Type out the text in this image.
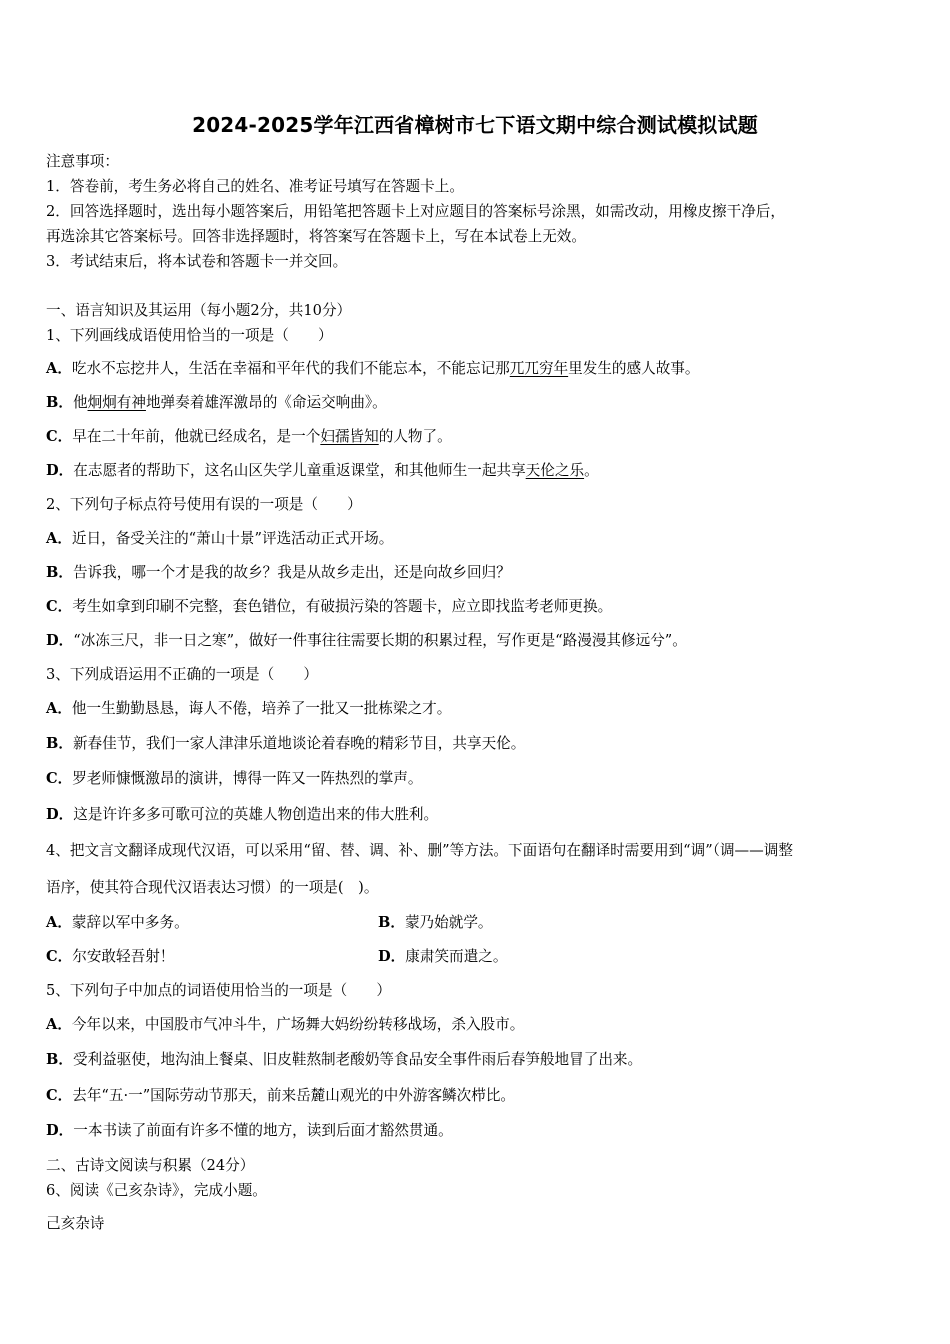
2024-2025学年江西省樟树市七下语文期中综合测试模拟试题
注意事项：
1．答卷前，考生务必将自己的姓名、准考证号填写在答题卡上。
2．回答选择题时，选出每小题答案后，用铅笔把答题卡上对应题目的答案标号涂黑，如需改动，用橡皮擦干净后，
再选涂其它答案标号。回答非选择题时，将答案写在答题卡上，写在本试卷上无效。
3．考试结束后，将本试卷和答题卡一并交回。
一、语言知识及其运用（每小题2分，共10分）
1、下列画线成语使用恰当的一项是（　　）
A．吃水不忘挖井人，生活在幸福和平年代的我们不能忘本，不能忘记那兀兀穷年里发生的感人故事。
B．他炯炯有神地弹奏着雄浑激昂的《命运交响曲》。
C．早在二十年前，他就已经成名，是一个妇孺皆知的人物了。
D．在志愿者的帮助下，这名山区失学儿童重返课堂，和其他师生一起共享天伦之乐。
2、下列句子标点符号使用有误的一项是（　　）
A．近日，备受关注的“萧山十景”评选活动正式开场。
B．告诉我，哪一个才是我的故乡？我是从故乡走出，还是向故乡回归？
C．考生如拿到印刷不完整，套色错位，有破损污染的答题卡，应立即找监考老师更换。
D．“冰冻三尺，非一日之寒”，做好一件事往往需要长期的积累过程，写作更是“路漫漫其修远兮”。
3、下列成语运用不正确的一项是（　　）
A．他一生勤勤恳恳，诲人不倦，培养了一批又一批栋梁之才。
B．新春佳节，我们一家人津津乐道地谈论着春晚的精彩节目，共享天伦。
C．罗老师慷慨激昂的演讲，博得一阵又一阵热烈的掌声。
D．这是许许多多可歌可泣的英雄人物创造出来的伟大胜利。
4、把文言文翻译成现代汉语，可以采用“留、替、调、补、删”等方法。下面语句在翻译时需要用到“调”（调——调整
语序，使其符合现代汉语表达习惯）的一项是(　)。
A．蒙辞以军中多务。	B．蒙乃始就学。
C．尔安敢轻吾射！	D．康肃笑而遣之。
5、下列句子中加点的词语使用恰当的一项是（　　）
A．今年以来，中国股市气冲斗牛，广场舞大妈纷纷转移战场，杀入股市。
B．受利益驱使，地沟油上餐桌、旧皮鞋熬制老酸奶等食品安全事件雨后春笋般地冒了出来。
C．去年“五·一”国际劳动节那天，前来岳麓山观光的中外游客鳞次栉比。
D．一本书读了前面有许多不懂的地方，读到后面才豁然贯通。
二、古诗文阅读与积累（24分）
6、阅读《己亥杂诗》，完成小题。
己亥杂诗
